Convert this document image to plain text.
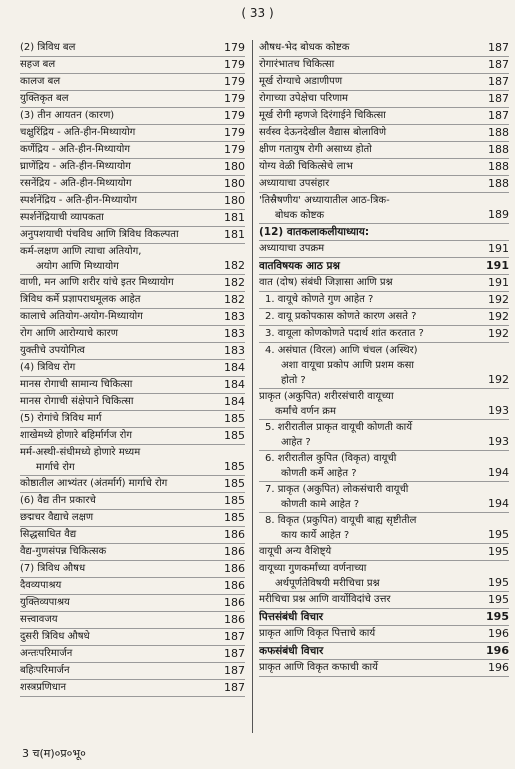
( 33 )
(2) त्रिविध बल	179
सहज बल	179
कालज बल	179
युक्तिकृत बल	179
(3) तीन आयतन (कारण)	179
चक्षुरिंद्रिय - अति-हीन-मिथ्यायोग	179
कर्णेद्रिय - अति-हीन-मिथ्यायोग	179
घ्राणेंद्रिय - अति-हीन-मिथ्यायोग	180
रसनेंद्रिय - अति-हीन-मिथ्यायोग	180
स्पर्शनेंद्रिय - अति-हीन-मिथ्यायोग	180
स्पर्शनेंद्रियाची व्यापकता	181
अनुपशयाची पंचविध आणि त्रिविध विकल्पता	181
कर्म-लक्षण आणि त्याचा अतियोग,
अयोग आणि मिथ्यायोग	182
वाणी, मन आणि शरीर यांचे इतर मिथ्यायोग	182
त्रिविध कर्मे प्रज्ञापराधमूलक आहेत	182
कालाचे अतियोग-अयोग-मिथ्यायोग	183
रोग आणि आरोग्याचे कारण	183
युक्तीचे उपयोगित्व	183
(4) त्रिविध रोग	184
मानस रोगाची सामान्य चिकित्सा	184
मानस रोगाची संक्षेपाने चिकित्सा	184
(5) रोगांचे त्रिविध मार्ग	185
शाखेमध्ये होणारे बहिर्मार्गज रोग	185
मर्म-अस्थी-संधीमध्ये होणारे मध्यम
मार्गाचे रोग	185
कोष्ठातील आभ्यंतर (अंतर्मार्ग) मार्गाचे रोग	185
(6) वैद्य तीन प्रकारचे	185
छद्मचर वैद्याचे लक्षण	185
सिद्धसाधित वैद्य	186
वैद्य-गुणसंपन्न चिकित्सक	186
(7) त्रिविध औषध	186
दैवव्यपाश्रय	186
युक्तिव्यपाश्रय	186
सत्त्वावजय	186
दुसरी त्रिविध औषधे	187
अन्तःपरिमार्जन	187
बहिःपरिमार्जन	187
शस्त्रप्रणिधान	187
औषध-भेद बोधक कोष्टक	187
रोगारंभातच चिकित्सा	187
मूर्ख रोग्याचे अडाणीपण	187
रोगाच्या उपेक्षेचा परिणाम	187
मूर्ख रोगी म्हणजे दिरंगाईने चिकित्सा	187
सर्वस्व देऊनदेखील वैद्यास बोलाविणे	188
क्षीण गतायुष रोगी असाध्य होतो	188
योग्य वेळी चिकित्सेचे लाभ	188
अध्यायाचा उपसंहार	188
'तिस्रैषणीय' अध्यायातील आठ-त्रिक-
बोधक कोष्टक	189
(12) वातकलाकलीयाध्याय:
अध्यायाचा उपक्रम	191
वातविषयक आठ प्रश्न	191
वात (दोष) संबंधी जिज्ञासा आणि प्रश्न	191
1. वायूचे कोणते गुण आहेत ?	192
2. वायू प्रकोपकास कोणते कारण असते ?	192
3. वायूला कोणकोणते पदार्थ शांत करतात ?	192
4. असंघात (विरल) आणि चंचल (अस्थिर)
अशा वायूचा प्रकोप आणि प्रशम कसा
होतो ?	192
प्राकृत (अकुपित) शरीरसंचारी वायूच्या
कर्मांचे वर्णन क्रम	193
5. शरीरातील प्राकृत वायूची कोणती कार्ये
आहेत ?	193
6. शरीरातील कुपित (विकृत) वायूची
कोणती कर्मे आहेत ?	194
7. प्राकृत (अकुपित) लोकसंचारी वायूची
कोणती कामे आहेत ?	194
8. विकृत (प्रकुपित) वायूची बाह्य सृष्टीतील
काय कार्ये आहेत ?	195
वायूची अन्य वैशिष्ट्ये	195
वायूच्या गुणकर्मांच्या वर्णनाच्या
अर्थपूर्णतेविषयी मरीचिचा प्रश्न	195
मरीचिचा प्रश्न आणि वार्योविदांचे उत्तर	195
पित्तसंबंधी विचार	195
प्राकृत आणि विकृत पित्ताचे कार्य	196
कफसंबंधी विचार	196
प्राकृत आणि विकृत कफाची कार्ये	196
3 च(म)०प्र०भू०
